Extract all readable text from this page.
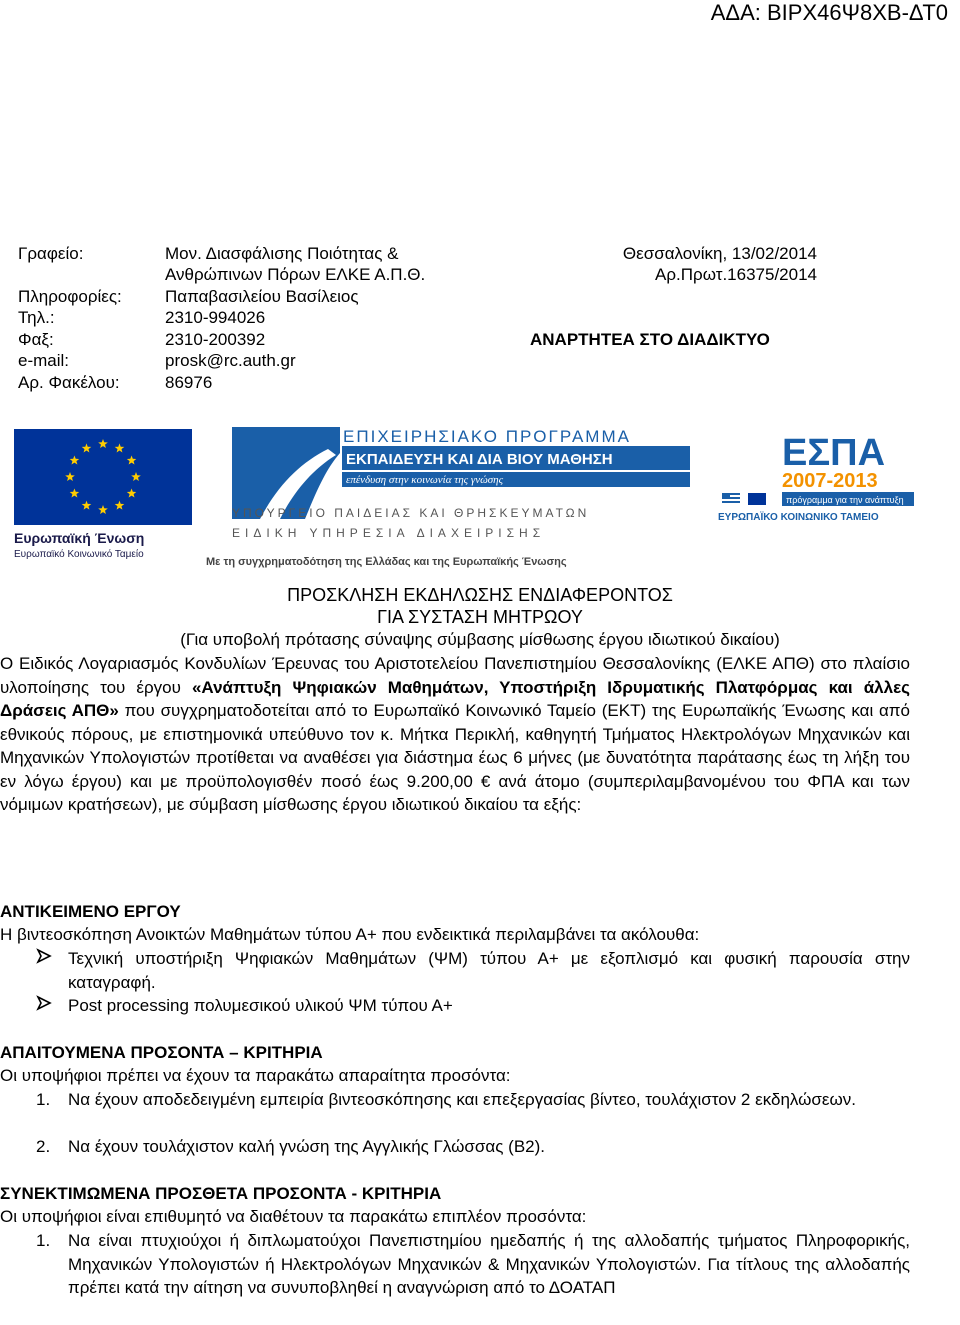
ΑΔΑ: ΒΙΡΧ46Ψ8ΧΒ-ΔΤ0
Γραφείο:	Μον. Διασφάλισης Ποιότητας &
Ανθρώπινων Πόρων ΕΛΚΕ Α.Π.Θ.
Πληροφορίες:	Παπαβασιλείου Βασίλειος
Τηλ.:	2310-994026
Φαξ:	2310-200392
e-mail:	prosk@rc.auth.gr
Αρ. Φακέλου:	86976
Θεσσαλονίκη, 13/02/2014
Αρ.Πρωτ.16375/2014
ΑΝΑΡΤΗΤΕΑ ΣΤΟ ΔΙΑΔΙΚΤΥΟ
Ευρωπαϊκή Ένωση
Ευρωπαϊκό Κοινωνικό Ταμείο
ΕΠΙΧΕΙΡΗΣΙΑΚΟ ΠΡΟΓΡΑΜΜΑ
ΕΚΠΑΙΔΕΥΣΗ ΚΑΙ ΔΙΑ ΒΙΟΥ ΜΑΘΗΣΗ
επένδυση στην κοινωνία της γνώσης
ΥΠΟΥΡΓΕΙΟ ΠΑΙΔΕΙΑΣ ΚΑΙ ΘΡΗΣΚΕΥΜΑΤΩΝ
ΕΙΔΙΚΗ ΥΠΗΡΕΣΙΑ ΔΙΑΧΕΙΡΙΣΗΣ
Με τη συγχρηματοδότηση της Ελλάδας και της Ευρωπαϊκής Ένωσης
ΕΣΠΑ
2007-2013
πρόγραμμα για την ανάπτυξη
ΕΥΡΩΠΑΪΚΟ ΚΟΙΝΩΝΙΚΟ ΤΑΜΕΙΟ
ΠΡΟΣΚΛΗΣΗ ΕΚΔΗΛΩΣΗΣ ΕΝΔΙΑΦΕΡΟΝΤΟΣ
ΓΙΑ ΣΥΣΤΑΣΗ ΜΗΤΡΩΟΥ
(Για υποβολή πρότασης σύναψης σύμβασης μίσθωσης έργου ιδιωτικού δικαίου)
Ο Ειδικός Λογαριασμός Κονδυλίων Έρευνας του Αριστοτελείου Πανεπιστημίου Θεσσαλονίκης (ΕΛΚΕ ΑΠΘ) στο πλαίσιο υλοποίησης του έργου «Ανάπτυξη Ψηφιακών Μαθημάτων, Υποστήριξη Ιδρυματικής Πλατφόρμας και άλλες Δράσεις ΑΠΘ» που συγχρηματοδοτείται από το Ευρωπαϊκό Κοινωνικό Ταμείο (ΕΚΤ) της Ευρωπαϊκής Ένωσης και από εθνικούς πόρους, με επιστημονικά υπεύθυνο τον κ. Μήτκα Περικλή, καθηγητή Τμήματος Ηλεκτρολόγων Μηχανικών και Μηχανικών Υπολογιστών προτίθεται να αναθέσει για διάστημα έως 6 μήνες (με δυνατότητα παράτασης έως τη λήξη του εν λόγω έργου) και με προϋπολογισθέν ποσό έως 9.200,00 € ανά άτομο (συμπεριλαμβανομένου του ΦΠΑ και των νόμιμων κρατήσεων), με σύμβαση μίσθωσης έργου ιδιωτικού δικαίου τα εξής:
ΑΝΤΙΚΕΙΜΕΝΟ ΕΡΓΟΥ
Η βιντεοσκόπηση Ανοικτών Μαθημάτων τύπου Α+ που ενδεικτικά περιλαμβάνει τα ακόλουθα:
Τεχνική υποστήριξη Ψηφιακών Μαθημάτων (ΨΜ) τύπου Α+ με εξοπλισμό και φυσική παρουσία στην καταγραφή.
Post processing πολυμεσικού υλικού ΨΜ τύπου Α+
ΑΠΑΙΤΟΥΜΕΝΑ ΠΡΟΣΟΝΤΑ – ΚΡΙΤΗΡΙΑ
Οι υποψήφιοι πρέπει να έχουν τα παρακάτω απαραίτητα προσόντα:
1. Να έχουν αποδεδειγμένη εμπειρία βιντεοσκόπησης και επεξεργασίας βίντεο, τουλάχιστον 2 εκδηλώσεων.
2. Να έχουν τουλάχιστον καλή γνώση της Αγγλικής Γλώσσας (Β2).
ΣΥΝΕΚΤΙΜΩΜΕΝΑ ΠΡΟΣΘΕΤΑ ΠΡΟΣΟΝΤΑ - ΚΡΙΤΗΡΙΑ
Οι υποψήφιοι είναι επιθυμητό να διαθέτουν τα παρακάτω επιπλέον προσόντα:
1. Να είναι πτυχιούχοι ή διπλωματούχοι Πανεπιστημίου ημεδαπής ή της αλλοδαπής τμήματος Πληροφορικής, Μηχανικών Υπολογιστών ή Ηλεκτρολόγων Μηχανικών & Μηχανικών Υπολογιστών. Για τίτλους της αλλοδαπής πρέπει κατά την αίτηση να συνυποβληθεί η αναγνώριση από το ΔΟΑΤΑΠ
